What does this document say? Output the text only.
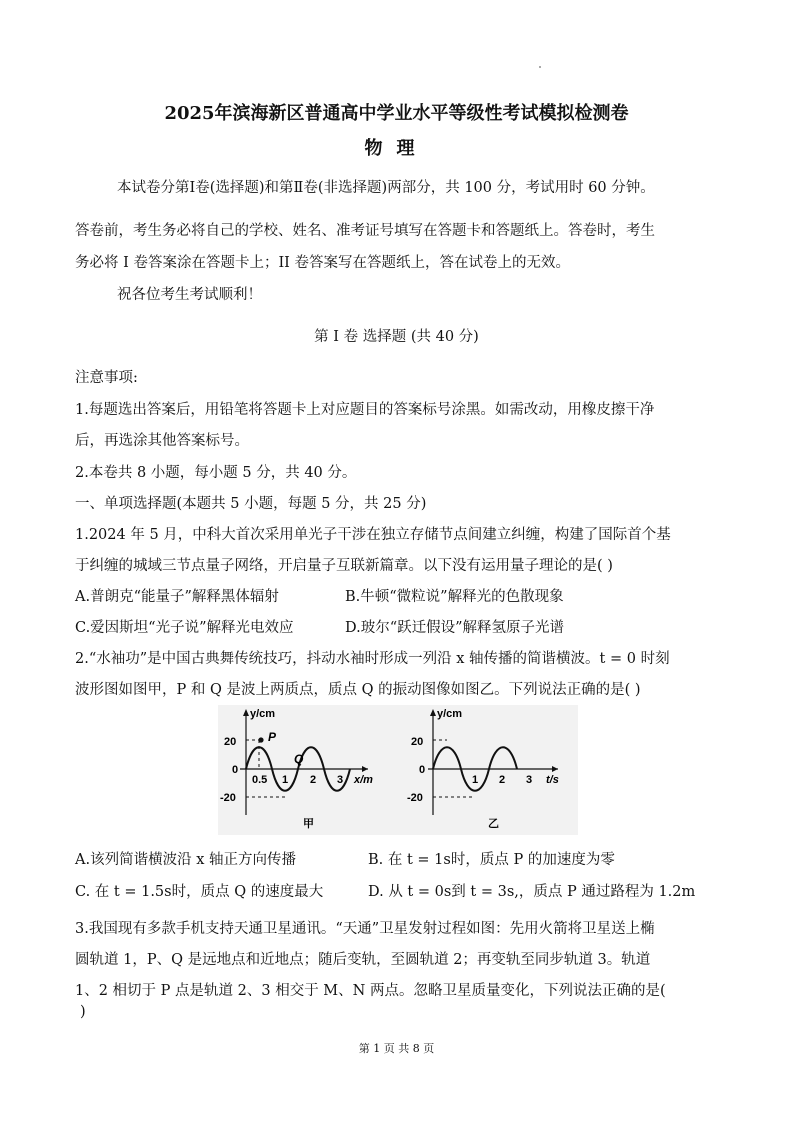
2025年滨海新区普通高中学业水平等级性考试模拟检测卷
物理
本试卷分第Ⅰ卷(选择题)和第Ⅱ卷(非选择题)两部分，共 100 分，考试用时 60 分钟。
答卷前，考生务必将自己的学校、姓名、准考证号填写在答题卡和答题纸上。答卷时，考生
务必将 I 卷答案涂在答题卡上；II 卷答案写在答题纸上，答在试卷上的无效。
祝各位考生考试顺利！
第 I 卷 选择题 (共 40 分)
注意事项:
1.每题选出答案后，用铅笔将答题卡上对应题目的答案标号涂黑。如需改动，用橡皮擦干净
后，再选涂其他答案标号。
2.本卷共 8 小题，每小题 5 分，共 40 分。
一、单项选择题(本题共 5 小题，每题 5 分，共 25 分)
1.2024 年 5 月，中科大首次采用单光子干涉在独立存储节点间建立纠缠，构建了国际首个基
于纠缠的城域三节点量子网络，开启量子互联新篇章。以下没有运用量子理论的是( )
A.普朗克“能量子”解释黑体辐射	B.牛顿“微粒说”解释光的色散现象
C.爱因斯坦“光子说”解释光电效应	D.玻尔“跃迁假设”解释氢原子光谱
2.“水袖功”是中国古典舞传统技巧，抖动水袖时形成一列沿 x 轴传播的简谐横波。t = 0 时刻
波形图如图甲，P 和 Q 是波上两质点，质点 Q 的振动图像如图乙。下列说法正确的是( )
P
Q
y/cm
x/m
20
0
-20
0.5 1 2 3
甲
y/cm
t/s
20
0
-20
1 2 3
乙
A.该列简谐横波沿 x 轴正方向传播	B. 在 t = 1s时，质点 P 的加速度为零
C. 在 t = 1.5s时，质点 Q 的速度最大	D. 从 t = 0s到 t = 3s,，质点 P 通过路程为 1.2m
3.我国现有多款手机支持天通卫星通讯。“天通”卫星发射过程如图：先用火箭将卫星送上椭
圆轨道 1，P、Q 是远地点和近地点；随后变轨，至圆轨道 2；再变轨至同步轨道 3。轨道
1、2 相切于 P 点是轨道 2、3 相交于 M、N 两点。忽略卫星质量变化，下列说法正确的是(
)
第 1 页 共 8 页
